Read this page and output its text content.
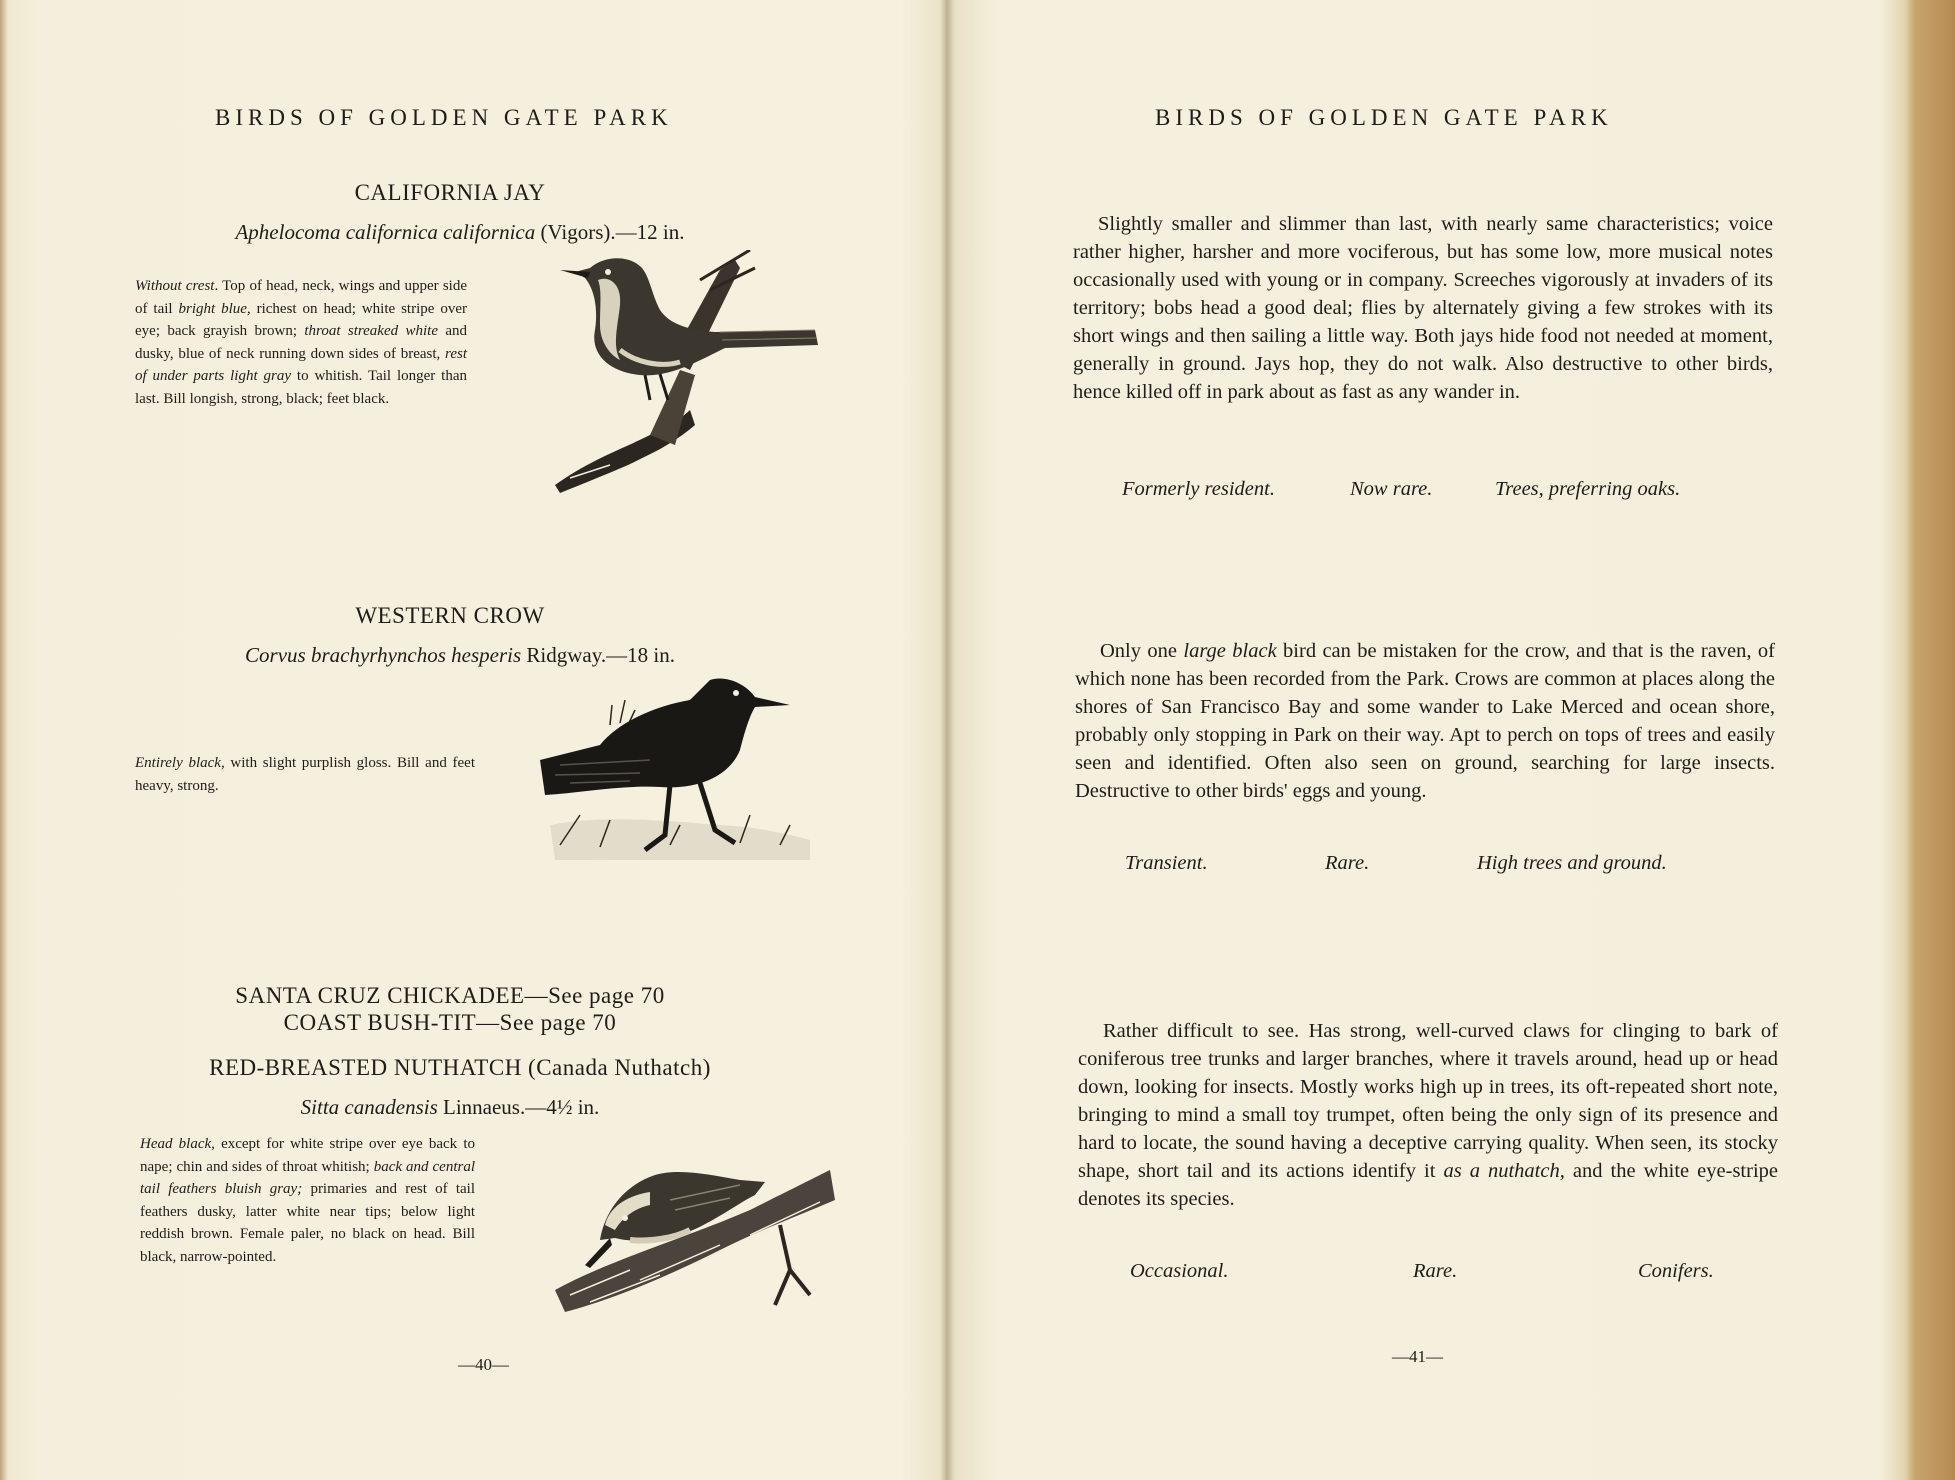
BIRDS OF GOLDEN GATE PARK
CALIFORNIA JAY
Aphelocoma californica californica (Vigors).—12 in.
Without crest. Top of head, neck, wings and upper side of tail bright blue, richest on head; white stripe over eye; back grayish brown; throat streaked white and dusky, blue of neck running down sides of breast, rest of under parts light gray to whitish. Tail longer than last. Bill longish, strong, black; feet black.
WESTERN CROW
Corvus brachyrhynchos hesperis Ridgway.—18 in.
Entirely black, with slight purplish gloss. Bill and feet heavy, strong.
SANTA CRUZ CHICKADEE—See page 70
COAST BUSH-TIT—See page 70
RED-BREASTED NUTHATCH (Canada Nuthatch)
Sitta canadensis Linnaeus.—4½ in.
Head black, except for white stripe over eye back to nape; chin and sides of throat whitish; back and central tail feathers bluish gray; primaries and rest of tail feathers dusky, latter white near tips; below light reddish brown. Female paler, no black on head. Bill black, narrow-pointed.
—40—
BIRDS OF GOLDEN GATE PARK
Slightly smaller and slimmer than last, with nearly same characteristics; voice rather higher, harsher and more vociferous, but has some low, more musical notes occasionally used with young or in company. Screeches vigorously at invaders of its territory; bobs head a good deal; flies by alternately giving a few strokes with its short wings and then sailing a little way. Both jays hide food not needed at moment, generally in ground. Jays hop, they do not walk. Also destructive to other birds, hence killed off in park about as fast as any wander in.
Formerly resident.	Now rare.	Trees, preferring oaks.
Only one large black bird can be mistaken for the crow, and that is the raven, of which none has been recorded from the Park. Crows are common at places along the shores of San Francisco Bay and some wander to Lake Merced and ocean shore, probably only stopping in Park on their way. Apt to perch on tops of trees and easily seen and identified. Often also seen on ground, searching for large insects. Destructive to other birds' eggs and young.
Transient.	Rare.	High trees and ground.
Rather difficult to see. Has strong, well-curved claws for clinging to bark of coniferous tree trunks and larger branches, where it travels around, head up or head down, looking for insects. Mostly works high up in trees, its oft-repeated short note, bringing to mind a small toy trumpet, often being the only sign of its presence and hard to locate, the sound having a deceptive carrying quality. When seen, its stocky shape, short tail and its actions identify it as a nuthatch, and the white eye-stripe denotes its species.
Occasional.	Rare.	Conifers.
—41—
